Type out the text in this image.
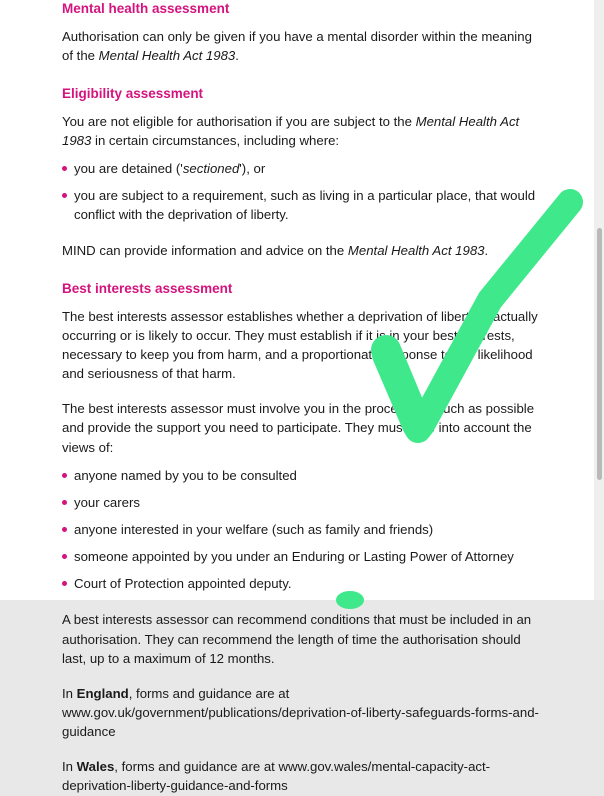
Mental health assessment

Authorisation can only be given if you have a mental disorder within the meaning of the Mental Health Act 1983.

Eligibility assessment

You are not eligible for authorisation if you are subject to the Mental Health Act 1983 in certain circumstances, including where:

you are detained ('sectioned'), or
you are subject to a requirement, such as living in a particular place, that would conflict with the deprivation of liberty.

MIND can provide information and advice on the Mental Health Act 1983.

Best interests assessment

The best interests assessor establishes whether a deprivation of liberty is actually occurring or is likely to occur. They must establish if it is in your best interests, necessary to keep you from harm, and a proportionate response to the likelihood and seriousness of that harm.

The best interests assessor must involve you in the process as much as possible and provide the support you need to participate. They must take into account the views of:

anyone named by you to be consulted
your carers
anyone interested in your welfare (such as family and friends)
someone appointed by you under an Enduring or Lasting Power of Attorney
Court of Protection appointed deputy.

A best interests assessor can recommend conditions that must be included in an authorisation. They can recommend the length of time the authorisation should last, up to a maximum of 12 months.

In England, forms and guidance are at www.gov.uk/government/publications/deprivation-of-liberty-safeguards-forms-and-guidance

In Wales, forms and guidance are at www.gov.wales/mental-capacity-act-deprivation-liberty-guidance-and-forms
